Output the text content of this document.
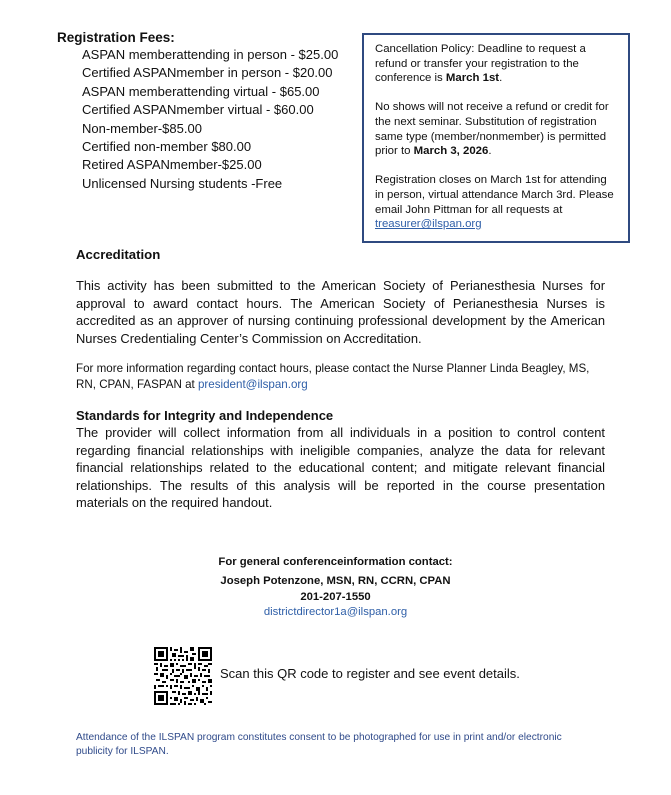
Registration Fees:
ASPAN memberattending in person - $25.00
Certified ASPANmember in person - $20.00
ASPAN memberattending virtual - $65.00
Certified ASPANmember virtual - $60.00
Non-member-$85.00
Certified non-member $80.00
Retired ASPANmember-$25.00
Unlicensed Nursing students -Free

Cancellation Policy: Deadline to request a refund or transfer your registration to the conference is March 1st.

No shows will not receive a refund or credit for the next seminar. Substitution of registration same type (member/nonmember) is permitted prior to March 3, 2026.

Registration closes on March 1st for attending in person, virtual attendance March 3rd. Please email John Pittman for all requests at
treasurer@ilspan.org

Accreditation

This activity has been submitted to the American Society of Perianesthesia Nurses for approval to award contact hours. The American Society of Perianesthesia Nurses is accredited as an approver of nursing continuing professional development by the American Nurses Credentialing Center’s Commission on Accreditation.

For more information regarding contact hours, please contact the Nurse Planner Linda Beagley, MS, RN, CPAN, FASPAN at president@ilspan.org

Standards for Integrity and Independence

The provider will collect information from all individuals in a position to control content regarding financial relationships with ineligible companies, analyze the data for relevant financial relationships related to the educational content; and mitigate relevant financial relationships. The results of this analysis will be reported in the course presentation materials on the required handout.

For general conferenceinformation contact:
Joseph Potenzone, MSN, RN, CCRN, CPAN
201-207-1550
districtdirector1a@ilspan.org
Scan this QR code to register and see event details.

Attendance of the ILSPAN program constitutes consent to be photographed for use in print and/or electronic publicity for ILSPAN.
